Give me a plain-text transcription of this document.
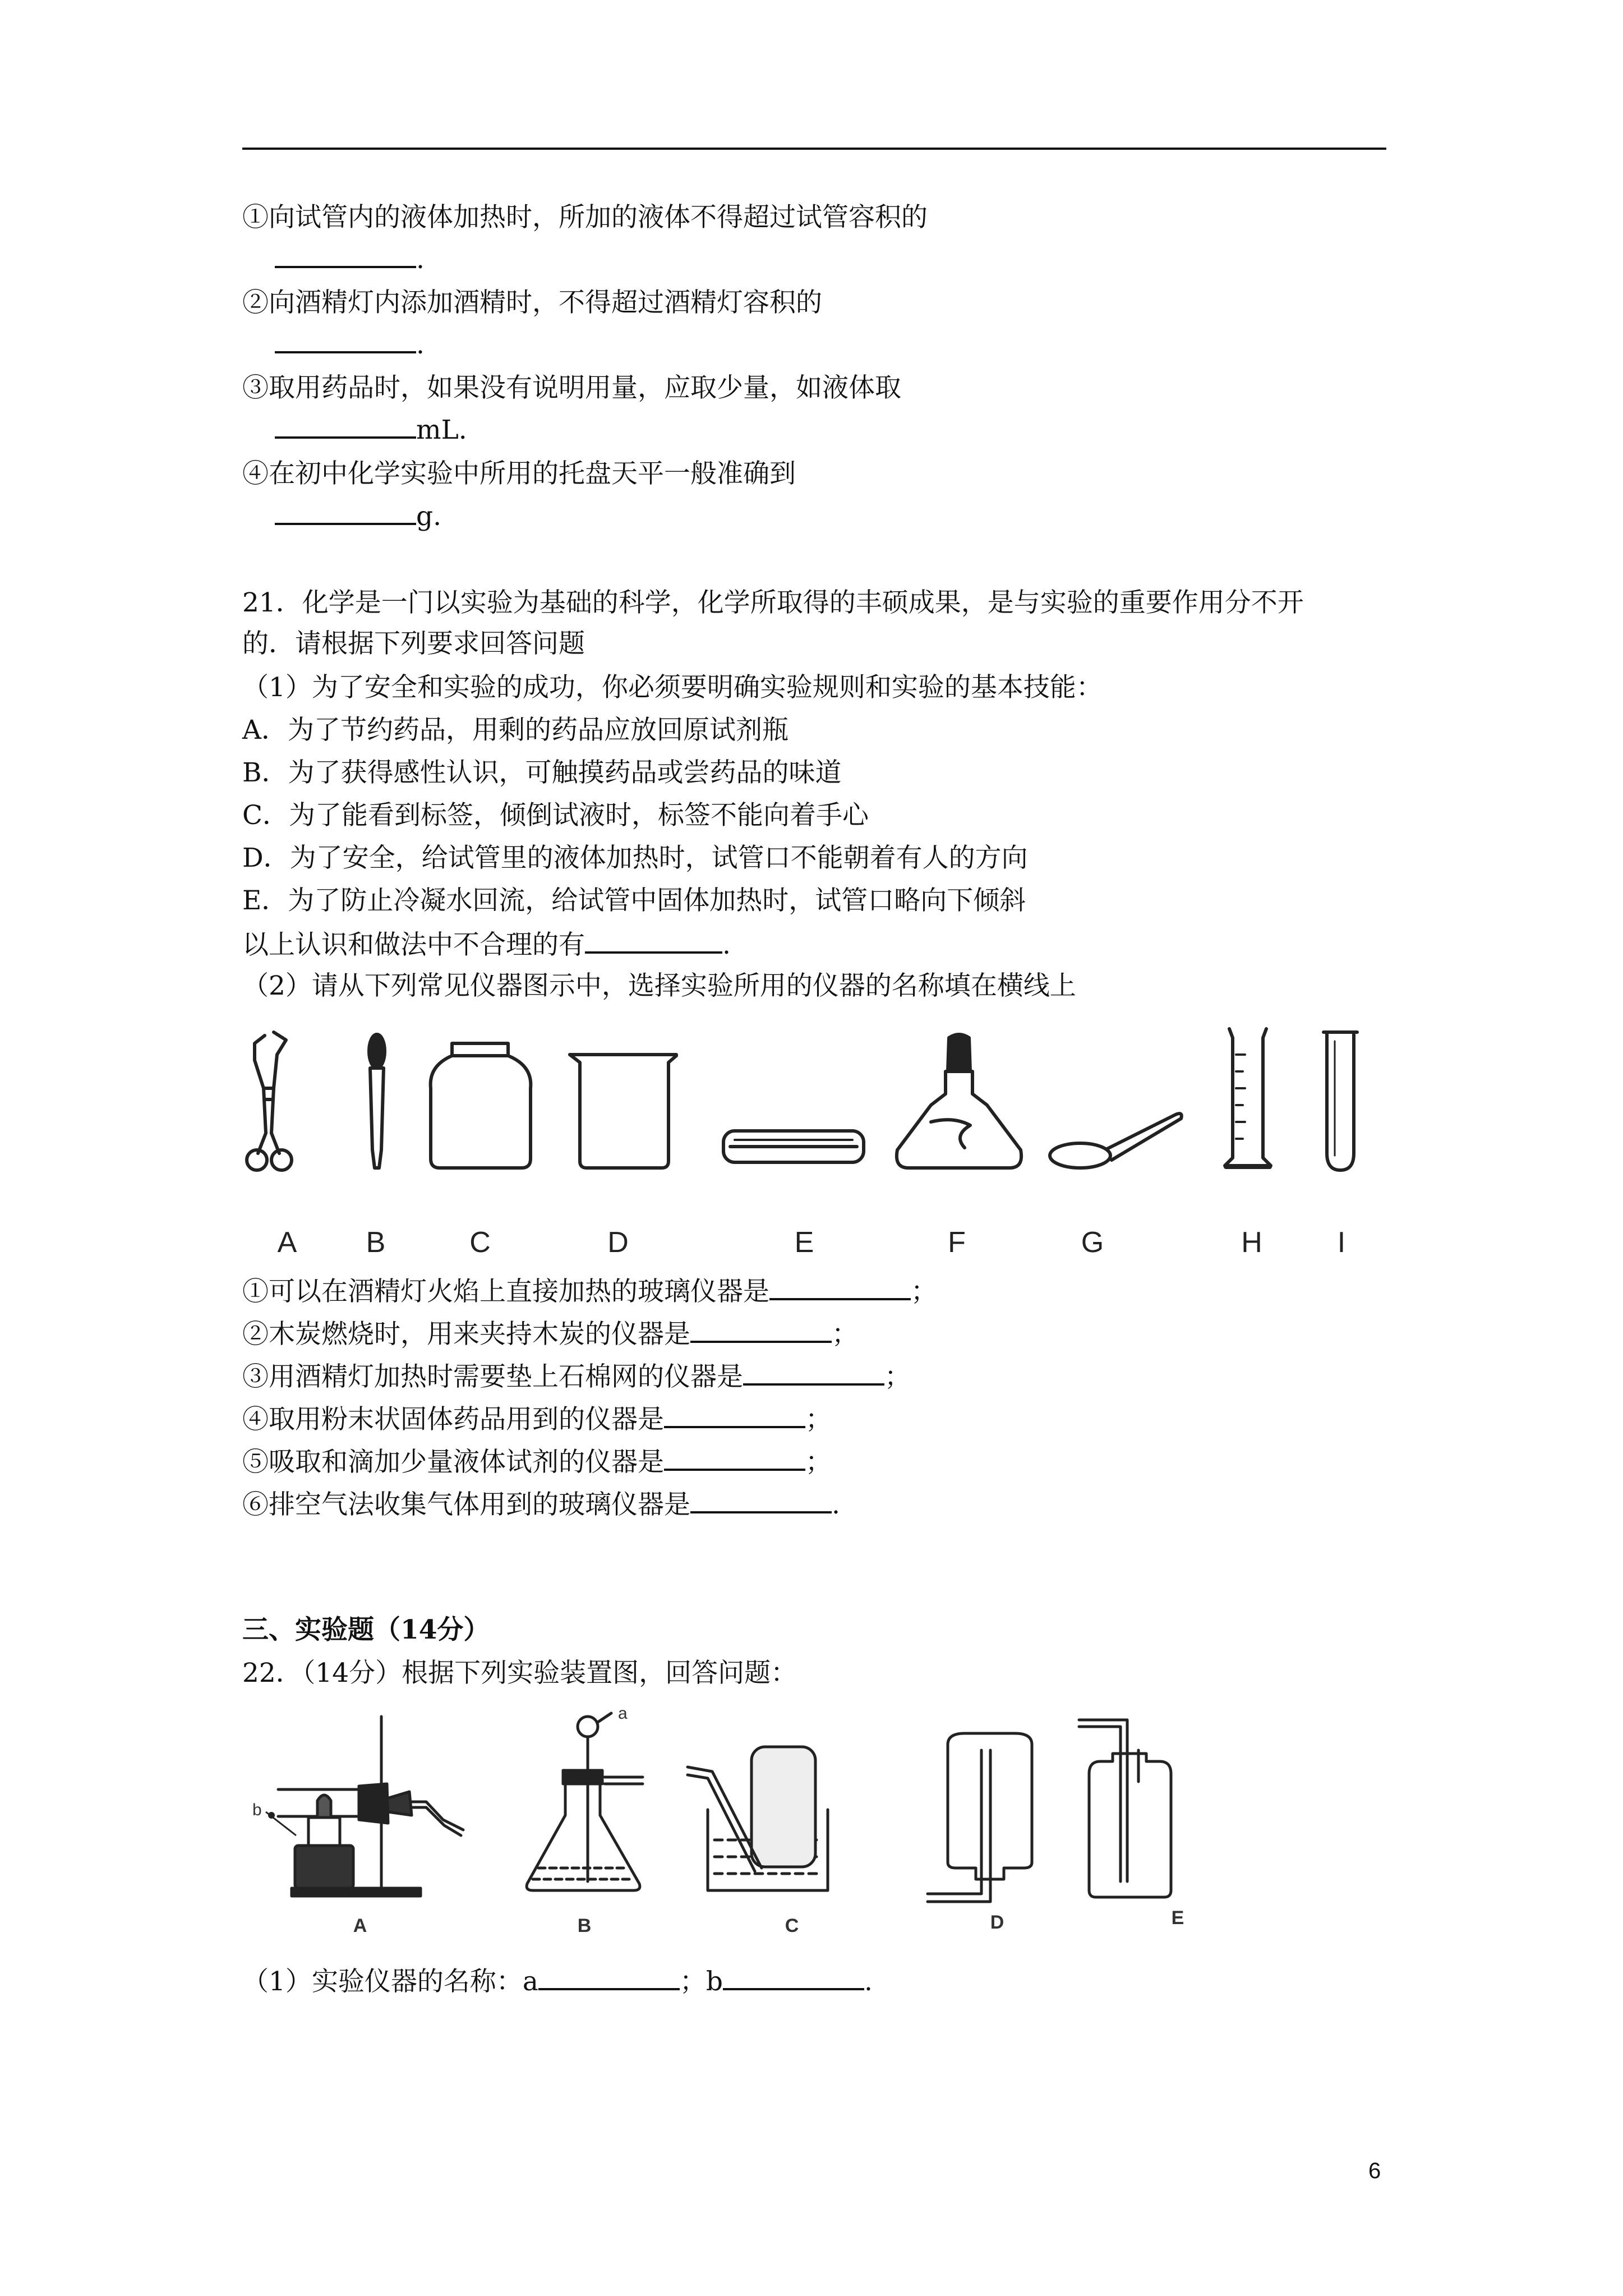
①向试管内的液体加热时，所加的液体不得超过试管容积的
.
②向酒精灯内添加酒精时，不得超过酒精灯容积的
.
③取用药品时，如果没有说明用量，应取少量，如液体取
mL.
④在初中化学实验中所用的托盘天平一般准确到
g.
21．化学是一门以实验为基础的科学，化学所取得的丰硕成果，是与实验的重要作用分不开
的．请根据下列要求回答问题
（1）为了安全和实验的成功，你必须要明确实验规则和实验的基本技能：
A．为了节约药品，用剩的药品应放回原试剂瓶
B．为了获得感性认识，可触摸药品或尝药品的味道
C．为了能看到标签，倾倒试液时，标签不能向着手心
D．为了安全，给试管里的液体加热时，试管口不能朝着有人的方向
E．为了防止冷凝水回流，给试管中固体加热时，试管口略向下倾斜
以上认识和做法中不合理的有	.
（2）请从下列常见仪器图示中，选择实验所用的仪器的名称填在横线上
A B	C	D	E	F	G	H	I
①可以在酒精灯火焰上直接加热的玻璃仪器是	；
②木炭燃烧时，用来夹持木炭的仪器是	；
③用酒精灯加热时需要垫上石棉网的仪器是	；
④取用粉末状固体药品用到的仪器是	；
⑤吸取和滴加少量液体试剂的仪器是	；
⑥排空气法收集气体用到的玻璃仪器是	.
三、实验题（14分）
22．（14分）根据下列实验装置图，回答问题：
b
a
A	B	C	D	E
（1）实验仪器的名称：a	；b	.
6
